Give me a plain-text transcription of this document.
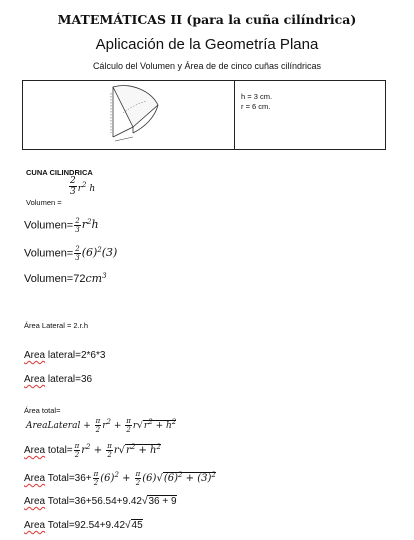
MATEMÁTICAS II (para la cuña cilíndrica)
Aplicación de la Geometría Plana
Cálculo del Volumen y Área de de cinco cuñas cilíndricas
h = 3 cm.
r = 6 cm.
CUNA CILINDRICA
$\frac{2}{3} r^2$ h
Volumen =
Volumen= $\frac{2}{3} r^2h$
Volumen= $\frac{2}{3} (6)^2(3)$
$Volumen=72cm^3$
Área Lateral = 2.r.h
Area lateral=2*6*3
Area lateral=36
Área total=
AreaLateral + $\frac{\pi}{2} r^2 + \frac{\pi}{2} r√r^2 + h^2$
Area total= $\frac{\pi}{2} r^2 + \frac{\pi}{2} r√r^2 + h^2$
Area Total=36+ $\frac{\pi}{2} (6)^2 + \frac{\pi}{2} (6)√(6)^2 + (3)^2$
Area Total=36+56.54+9.42√36 + 9
Area Total=92.54+9.42√45
